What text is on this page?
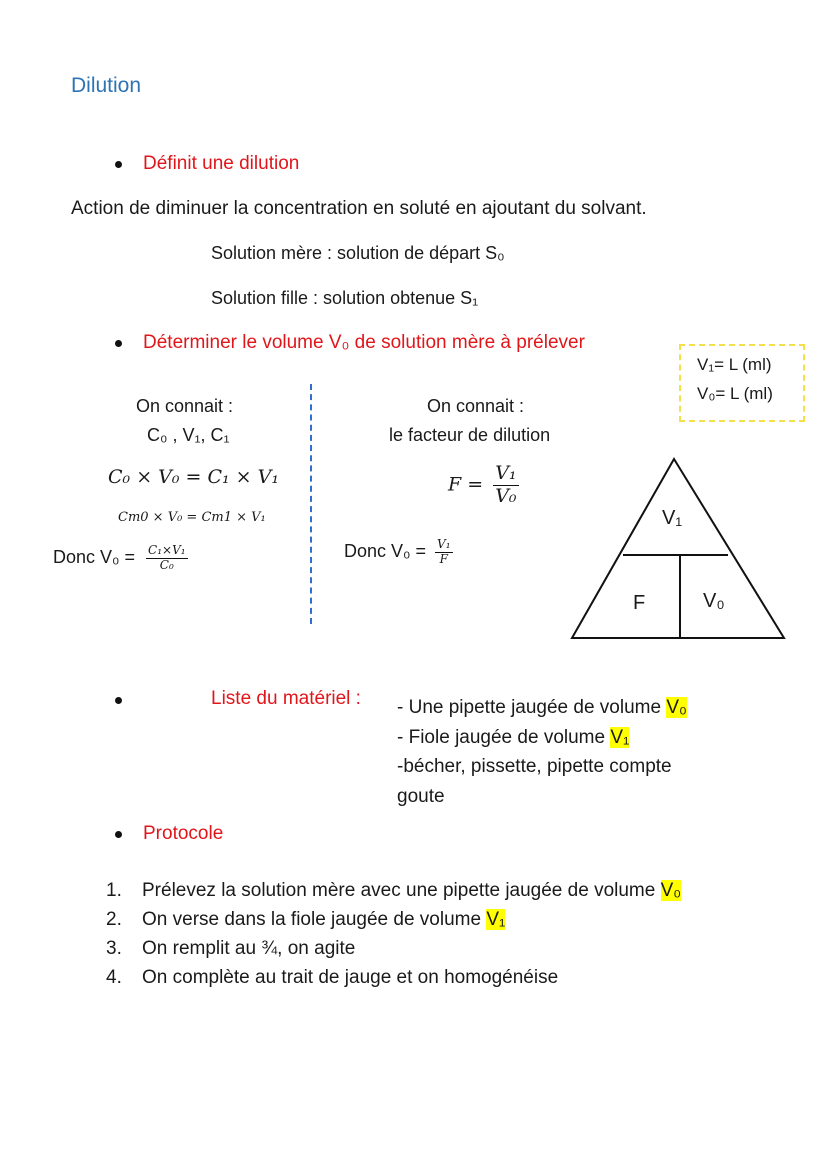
Dilution
Définit une dilution
Action de diminuer la concentration en soluté en ajoutant du solvant.
Solution mère : solution de départ S₀
Solution fille : solution obtenue S₁
Déterminer le volume V₀ de solution mère à prélever
V₁= L (ml)
V₀= L (ml)
On connait :
C₀ , V₁, C₁
C₀ × V₀ = C₁ × V₁
Cm0 × V₀ = Cm1 × V₁
Donc $V_0 = \frac{\text{C₁×V₁}}{\text{C₀}}$
On connait :
le facteur de dilution
$F = \frac{\text{V₁}}{\text{V₀}}$
Donc $V_0 = \frac{\text{V₁}}{F}$
V₁
F	V₀
Liste du matériel : - Une pipette jaugée de volume V₀
- Fiole jaugée de volume V₁
-bécher, pissette, pipette compte
goute
Protocole
1. Prélevez la solution mère avec une pipette jaugée de volume V₀
2. On verse dans la fiole jaugée de volume V₁
3. On remplit au ¾, on agite
4. On complète au trait de jauge et on homogénéise
